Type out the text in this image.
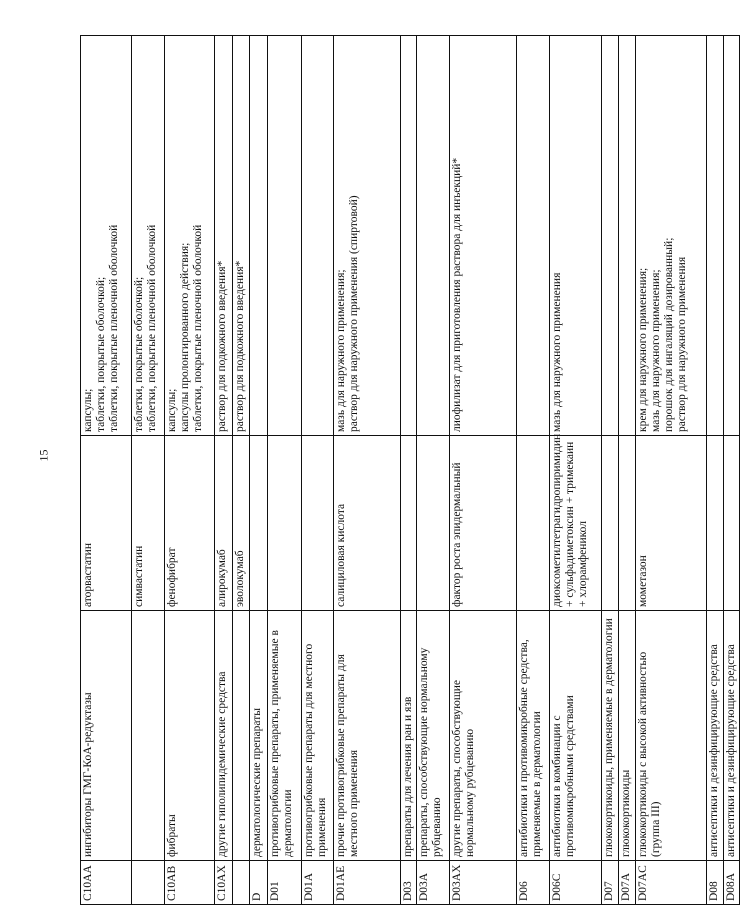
15
C10AA	ингибиторы ГМГ-КоА-редуктазы	аторвастатин	капсулы; таблетки, покрытые оболочкой; таблетки, покрытые пленочной оболочкой

		симвастатин	таблетки, покрытые оболочкой; таблетки, покрытые пленочной оболочкой

C10AB	фибраты	фенофибрат	капсулы; капсулы пролонгированного действия; таблетки, покрытые пленочной оболочкой

C10AX	другие гиполипидемические средства	алирокумаб	раствор для подкожного введения*

		эволокумаб	раствор для подкожного введения*

D	дерматологические препараты		
D01	противогрибковые препараты, применяемые в дерматологии		
D01A	противогрибковые препараты для местного применения		
D01AE	прочие противогрибковые препараты для местного применения	салициловая кислота	мазь для наружного применения; раствор для наружного применения (спиртовой)

D03	препараты для лечения ран и язв		
D03A	препараты, способствующие нормальному рубцеванию		
D03AX	другие препараты, способствующие нормальному рубцеванию	фактор роста эпидермальный	лиофилизат для приготовления раствора для инъекций*

D06	антибиотики и противомикробные средства, применяемые в дерматологии		
D06C	антибиотики в комбинации с противомикробными средствами	диоксометилтетрагидропиримидин + сульфадиметоксин + тримекаин + хлорамфеникол	мазь для наружного применения

D07	глюкокортикоиды, применяемые в дерматологии		
D07A	глюкокортикоиды		
D07AC	глюкокортикоиды с высокой активностью (группа III)	мометазон	крем для наружного применения; мазь для наружного применения; порошок для ингаляций дозированный; раствор для наружного применения

D08	антисептики и дезинфицирующие средства		
D08A	антисептики и дезинфицирующие средства		
